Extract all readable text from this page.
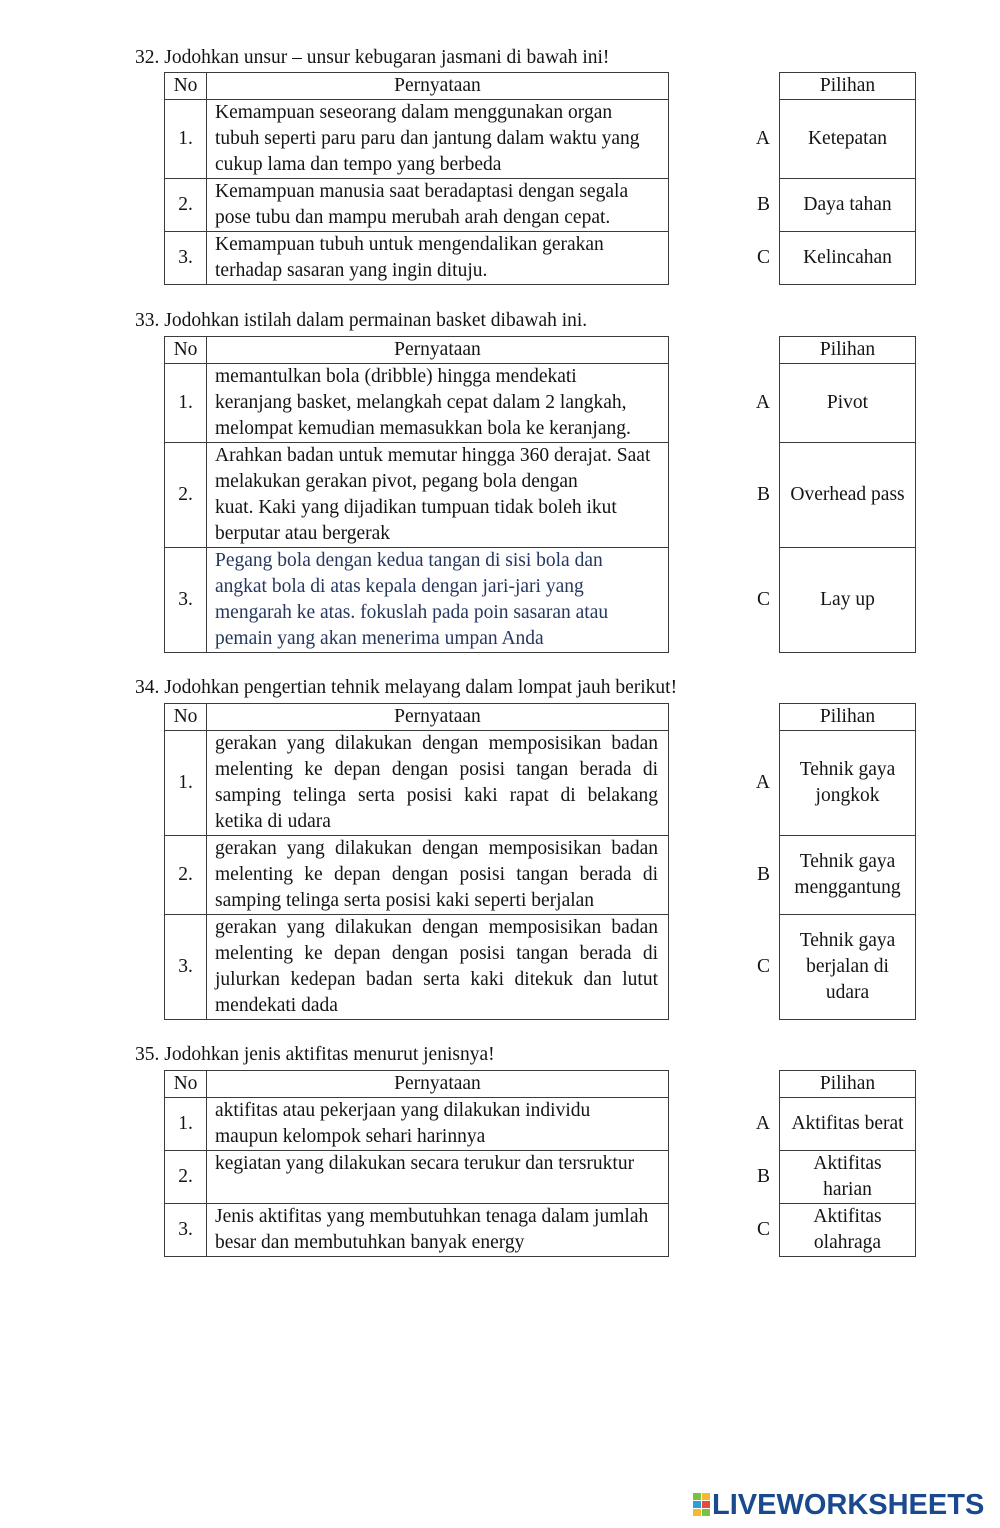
32. Jodohkan unsur – unsur kebugaran jasmani di bawah ini!
No	Pernyataan		Pilihan
1.	Kemampuan seseorang dalam menggunakan organ
tubuh seperti paru paru dan jantung dalam waktu yang
cukup lama dan tempo yang berbeda	A	Ketepatan

2.	Kemampuan manusia saat beradaptasi dengan segala
pose tubu dan mampu merubah arah dengan cepat.	B	Daya tahan

3.	Kemampuan tubuh untuk mengendalikan gerakan
terhadap sasaran yang ingin dituju.	C	Kelincahan
33. Jodohkan istilah dalam permainan basket dibawah ini.
No	Pernyataan		Pilihan
1.	memantulkan bola (dribble) hingga mendekati
keranjang basket, melangkah cepat dalam 2 langkah,
melompat kemudian memasukkan bola ke keranjang.	A	Pivot

2.	Arahkan badan untuk memutar hingga 360 derajat. Saat
melakukan gerakan pivot, pegang bola dengan
kuat. Kaki yang dijadikan tumpuan tidak boleh ikut
berputar atau bergerak	B	Overhead pass

3.	Pegang bola dengan kedua tangan di sisi bola dan
angkat bola di atas kepala dengan jari-jari yang
mengarah ke atas. fokuslah pada poin sasaran atau
pemain yang akan menerima umpan Anda	C	Lay up
34. Jodohkan pengertian tehnik melayang dalam lompat jauh berikut!
No	Pernyataan		Pilihan
1.	gerakan yang dilakukan dengan memposisikan badan
melenting ke depan dengan posisi tangan berada di
samping telinga serta posisi kaki rapat di belakang
ketika di udara	A	Tehnik gaya
jongkok

2.	gerakan yang dilakukan dengan memposisikan badan
melenting ke depan dengan posisi tangan berada di
samping telinga serta posisi kaki seperti berjalan	B	Tehnik gaya
menggantung

3.	gerakan yang dilakukan dengan memposisikan badan
melenting ke depan dengan posisi tangan berada di
julurkan kedepan badan serta kaki ditekuk dan lutut
mendekati dada	C	Tehnik gaya
berjalan di
udara
35. Jodohkan jenis aktifitas menurut jenisnya!
No	Pernyataan		Pilihan
1.	aktifitas atau pekerjaan yang dilakukan individu
maupun kelompok sehari harinnya	A	Aktifitas berat

2.	kegiatan yang dilakukan secara terukur dan tersruktur	B	Aktifitas
harian

3.	Jenis aktifitas yang membutuhkan tenaga dalam jumlah
besar dan membutuhkan banyak energy	C	Aktifitas
olahraga
LIVEWORKSHEETS
